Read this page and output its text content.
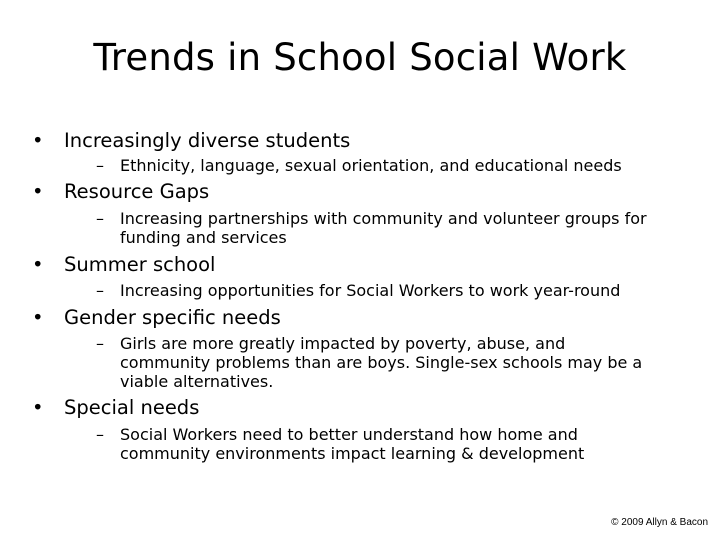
Trends in School Social Work
• Increasingly diverse students
–	Ethnicity, language, sexual orientation, and educational needs
• Resource Gaps
–	Increasing partnerships with community and volunteer groups for funding and services
• Summer school
–	Increasing opportunities for Social Workers to work year-round
• Gender specific needs
–	Girls are more greatly impacted by poverty, abuse, and community problems than are boys. Single-sex schools may be a viable alternatives.
• Special needs
–	Social Workers need to better understand how home and community environments impact learning & development
© 2009 Allyn & Bacon
